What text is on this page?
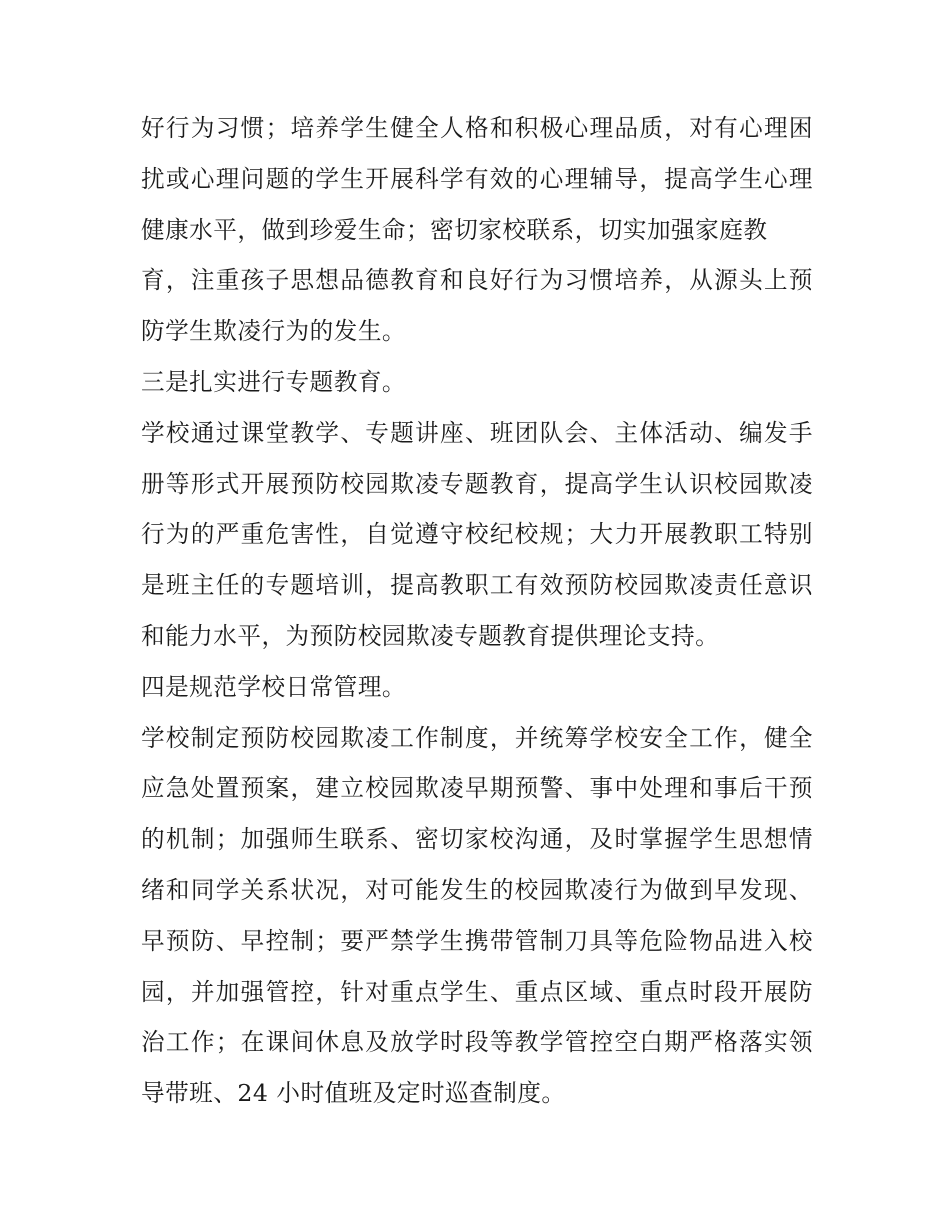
好行为习惯；培养学生健全人格和积极心理品质，对有心理困
扰或心理问题的学生开展科学有效的心理辅导，提高学生心理
健康水平，做到珍爱生命；密切家校联系，切实加强家庭教
育，注重孩子思想品德教育和良好行为习惯培养，从源头上预
防学生欺凌行为的发生。
三是扎实进行专题教育。
学校通过课堂教学、专题讲座、班团队会、主体活动、编发手
册等形式开展预防校园欺凌专题教育，提高学生认识校园欺凌
行为的严重危害性，自觉遵守校纪校规；大力开展教职工特别
是班主任的专题培训，提高教职工有效预防校园欺凌责任意识
和能力水平，为预防校园欺凌专题教育提供理论支持。
四是规范学校日常管理。
学校制定预防校园欺凌工作制度，并统筹学校安全工作，健全
应急处置预案，建立校园欺凌早期预警、事中处理和事后干预
的机制；加强师生联系、密切家校沟通，及时掌握学生思想情
绪和同学关系状况，对可能发生的校园欺凌行为做到早发现、
早预防、早控制；要严禁学生携带管制刀具等危险物品进入校
园，并加强管控，针对重点学生、重点区域、重点时段开展防
治工作；在课间休息及放学时段等教学管控空白期严格落实领
导带班、24 小时值班及定时巡查制度。
